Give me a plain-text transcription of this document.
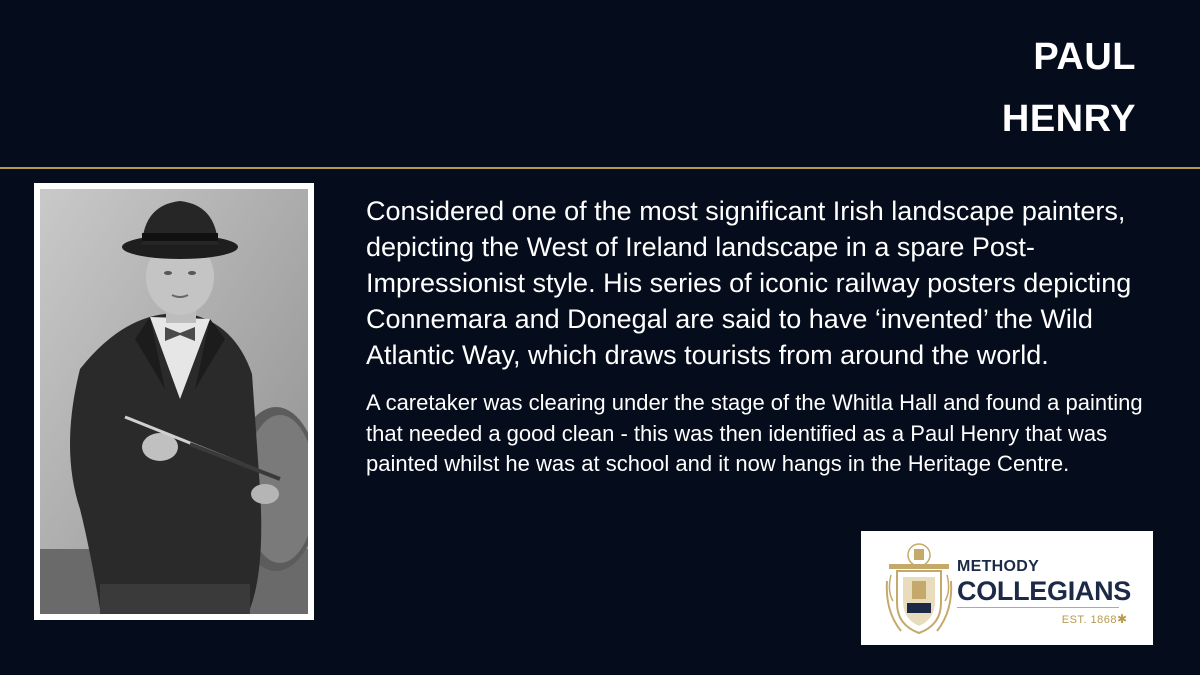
PAUL
HENRY

Considered one of the most significant Irish landscape painters, depicting the West of Ireland landscape in a spare Post-Impressionist style. His series of iconic railway posters depicting Connemara and Donegal are said to have ‘invented’ the Wild Atlantic Way, which draws tourists from around the world.

A caretaker was clearing under the stage of the Whitla Hall and found a painting that needed a good clean - this was then identified as a Paul Henry that was painted whilst he was at school and it now hangs in the Heritage Centre.

METHODY
COLLEGIANS
EST. 1868 ✱
